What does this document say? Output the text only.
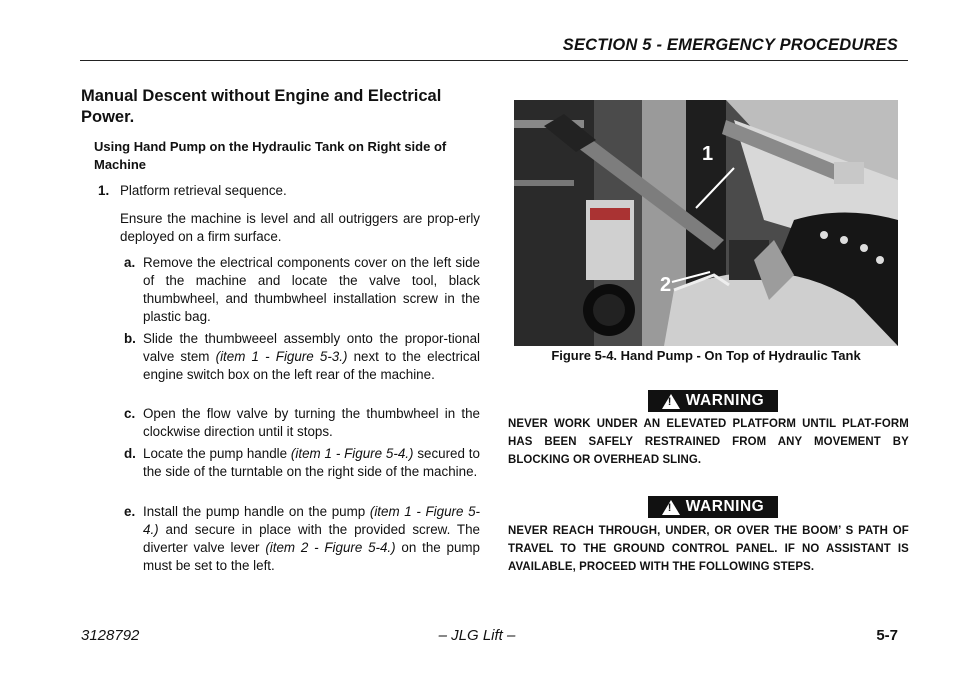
SECTION 5 - EMERGENCY PROCEDURES
Manual Descent without Engine and Electrical Power.
Using Hand Pump on the Hydraulic Tank on Right side of Machine
1. Platform retrieval sequence.
Ensure the machine is level and all outriggers are prop-erly deployed on a firm surface.
a. Remove the electrical components cover on the left side of the machine and locate the valve tool, black thumbwheel, and thumbwheel installation screw in the plastic bag.
b. Slide the thumbweeel assembly onto the propor-tional valve stem (item 1 - Figure 5-3.) next to the electrical engine switch box on the left rear of the machine.
c. Open the flow valve by turning the thumbwheel in the clockwise direction until it stops.
d. Locate the pump handle (item 1 - Figure 5-4.) secured to the side of the turntable on the right side of the machine.
e. Install the pump handle on the pump (item 1 - Figure 5-4.) and secure in place with the provided screw. The diverter valve lever (item 2 - Figure 5-4.) on the pump must be set to the left.
1
2
Figure 5-4. Hand Pump - On Top of Hydraulic Tank
! WARNING
NEVER WORK UNDER AN ELEVATED PLATFORM UNTIL PLAT-FORM HAS BEEN SAFELY RESTRAINED FROM ANY MOVEMENT BY BLOCKING OR OVERHEAD SLING.
! WARNING
NEVER REACH THROUGH, UNDER, OR OVER THE BOOM’ S PATH OF TRAVEL TO THE GROUND CONTROL PANEL. IF NO ASSISTANT IS AVAILABLE, PROCEED WITH THE FOLLOWING STEPS.
3128792	– JLG Lift –	5-7
